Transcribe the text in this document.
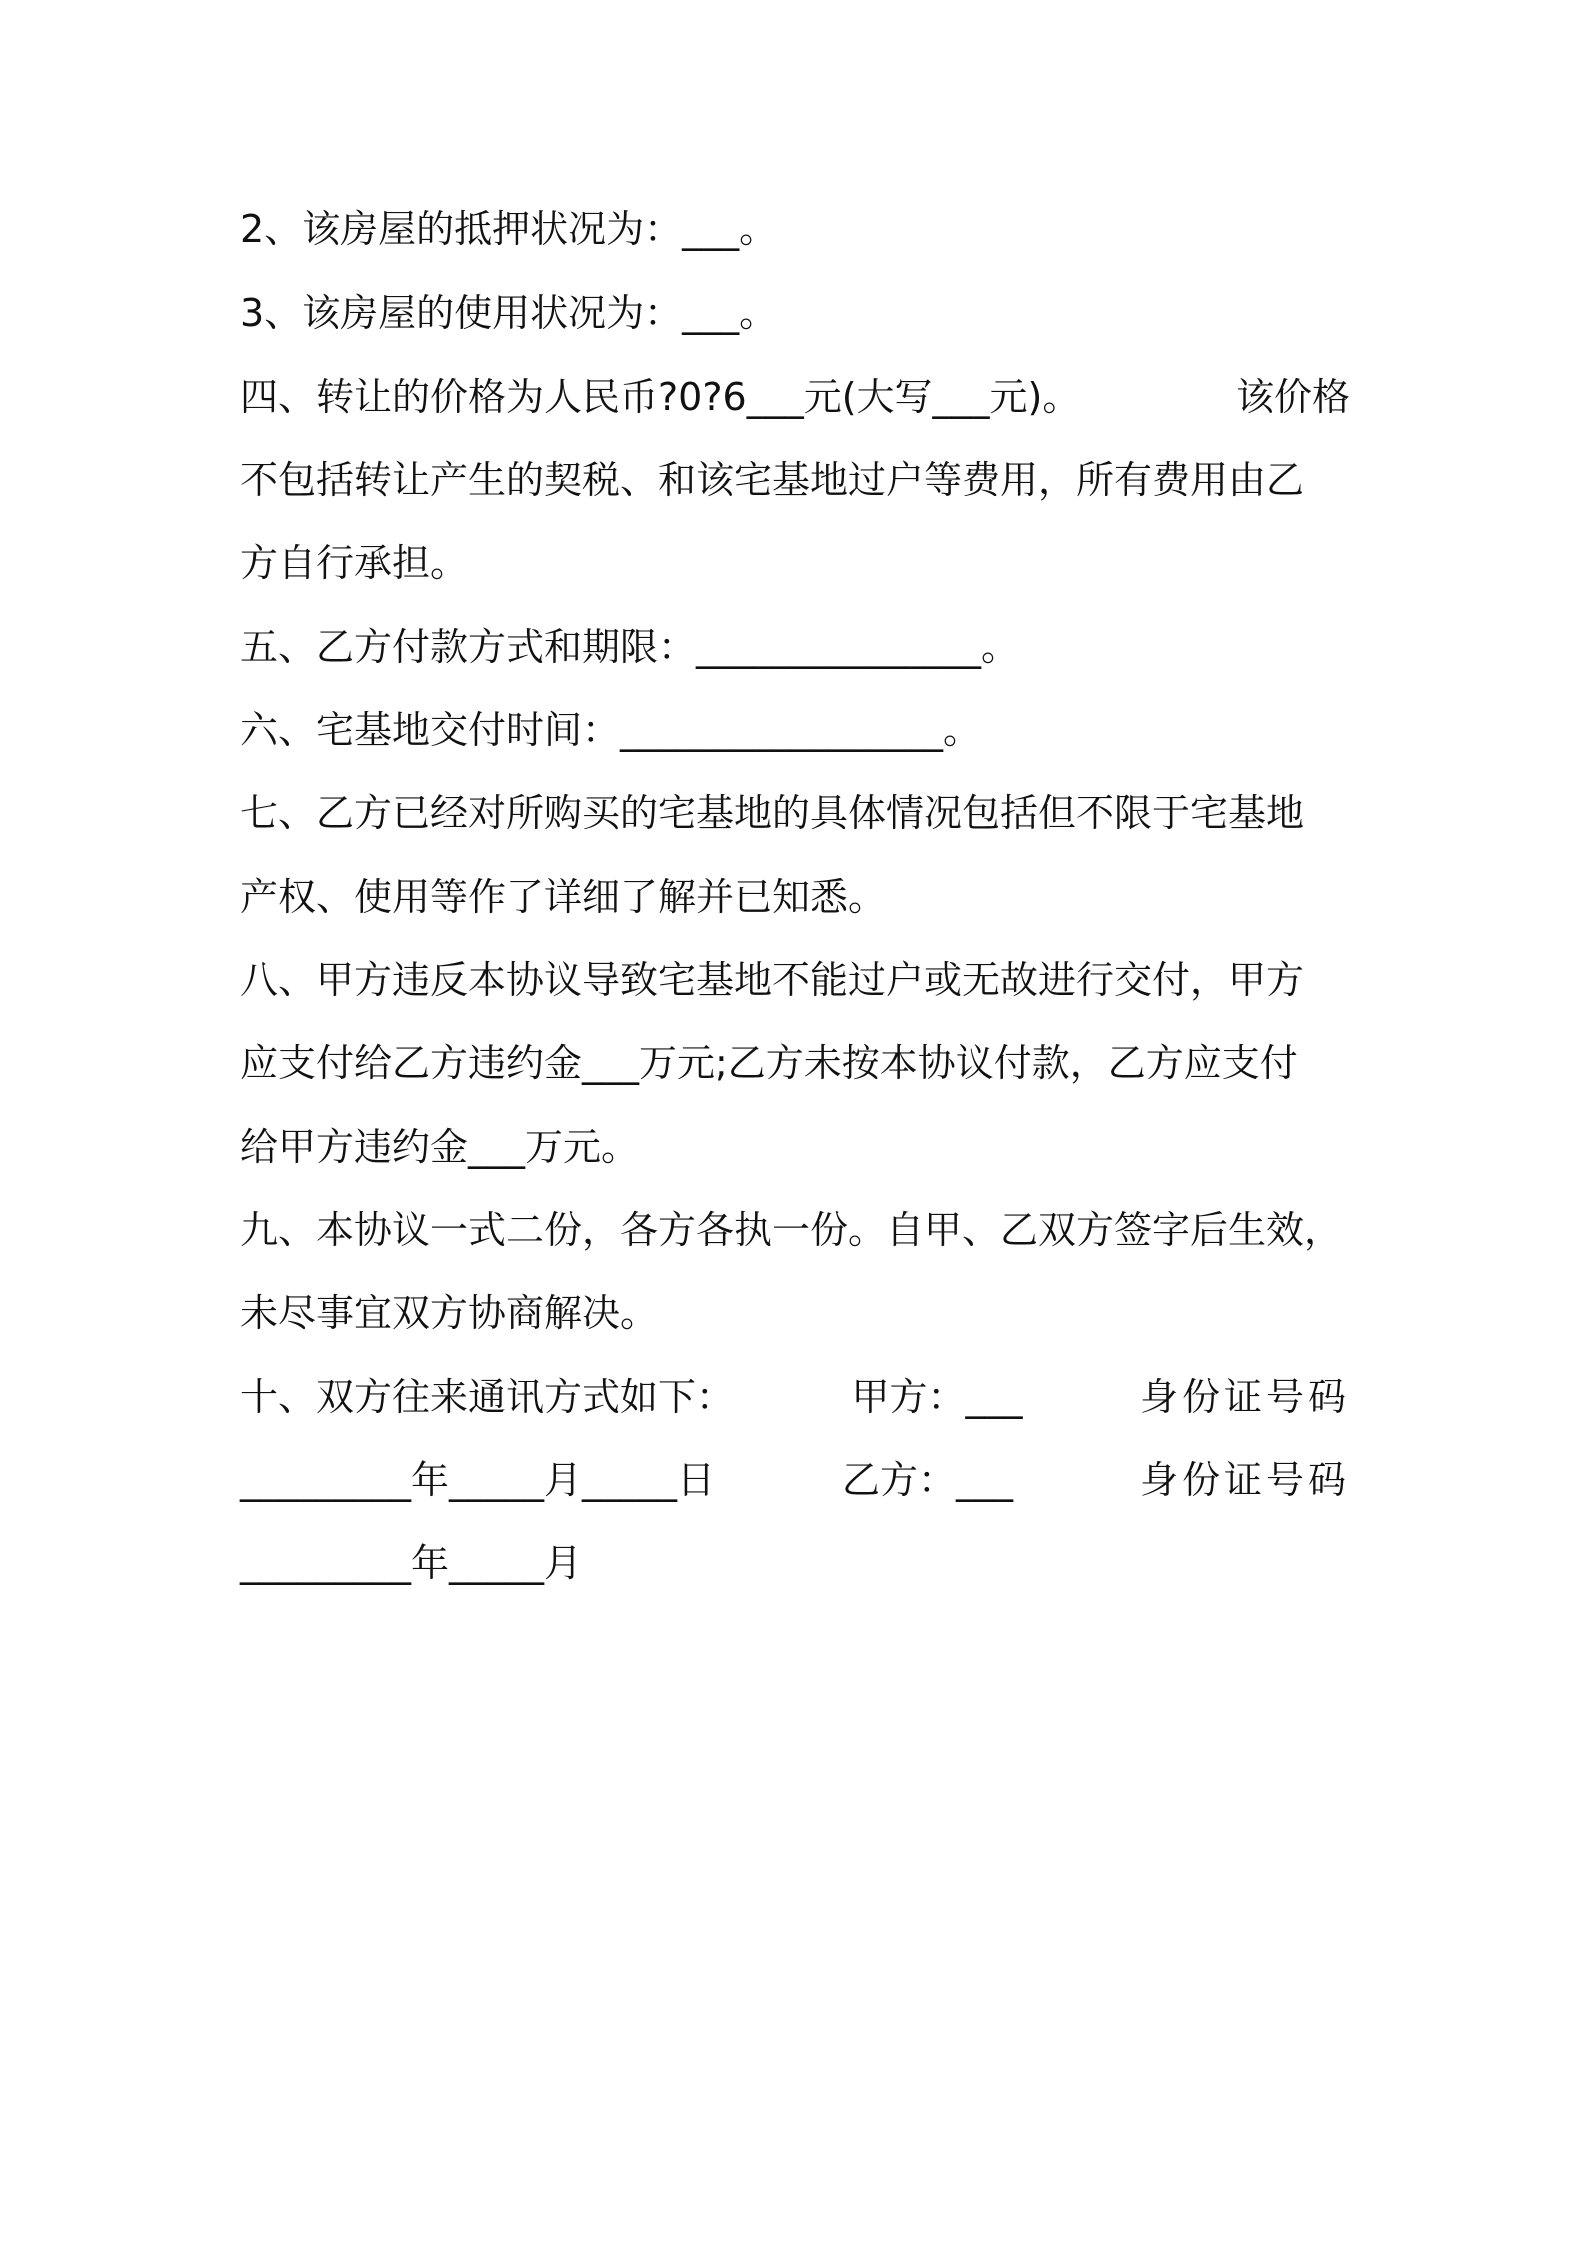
2、该房屋的抵押状况为：___。
3、该房屋的使用状况为：___。
四、转让的价格为人民币?0?6___元(大写___元)。	该价格
不包括转让产生的契税、和该宅基地过户等费用，所有费用由乙
方自行承担。
五、乙方付款方式和期限：_______________。
六、宅基地交付时间：_________________。
七、乙方已经对所购买的宅基地的具体情况包括但不限于宅基地
产权、使用等作了详细了解并已知悉。
八、甲方违反本协议导致宅基地不能过户或无故进行交付，甲方
应支付给乙方违约金___万元;乙方未按本协议付款，乙方应支付
给甲方违约金___万元。
九、本协议一式二份，各方各执一份。自甲、乙双方签字后生效，
未尽事宜双方协商解决。
十、双方往来通讯方式如下：	甲方：___	身份证号码
_________年_____月_____日	乙方：___	身份证号码
_________年_____月
